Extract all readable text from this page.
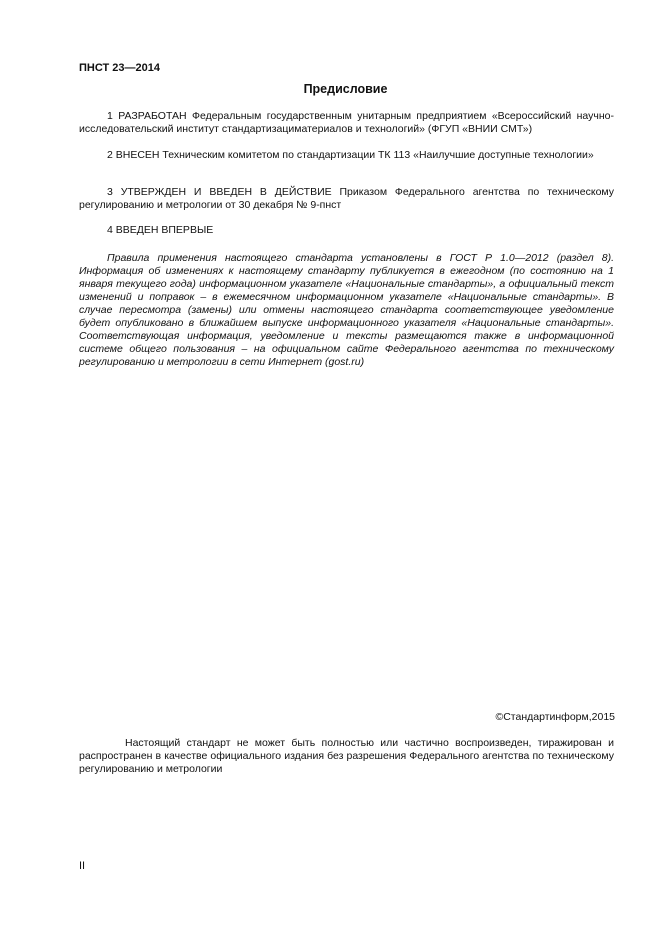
ПНСТ 23—2014
Предисловие

1 РАЗРАБОТАН Федеральным государственным унитарным предприятием «Всероссийский научно-исследовательский институт стандартизациматериалов и технологий» (ФГУП «ВНИИ СМТ»)

2 ВНЕСЕН Техническим комитетом по стандартизации ТК 113 «Наилучшие доступные технологии»

3 УТВЕРЖДЕН И ВВЕДЕН В ДЕЙСТВИЕ Приказом Федерального агентства по техническому регулированию и метрологии от 30 декабря № 9-пнст

4 ВВЕДЕН ВПЕРВЫЕ

Правила применения настоящего стандарта установлены в ГОСТ Р 1.0—2012 (раздел 8). Информация об изменениях к настоящему стандарту публикуется в ежегодном (по состоянию на 1 января текущего года) информационном указателе «Национальные стандарты», а официальный текст изменений и поправок – в ежемесячном информационном указателе «Национальные стандарты». В случае пересмотра (замены) или отмены настоящего стандарта соответствующее уведомление будет опубликовано в ближайшем выпуске информационного указателя «Национальные стандарты». Соответствующая информация, уведомление и тексты размещаются также в информационной системе общего пользования – на официальном сайте Федерального агентства по техническому регулированию и метрологии в сети Интернет (gost.ru)

©Стандартинформ,2015

Настоящий стандарт не может быть полностью или частично воспроизведен, тиражирован и распространен в качестве официального издания без разрешения Федерального агентства по техническому регулированию и метрологии

II
